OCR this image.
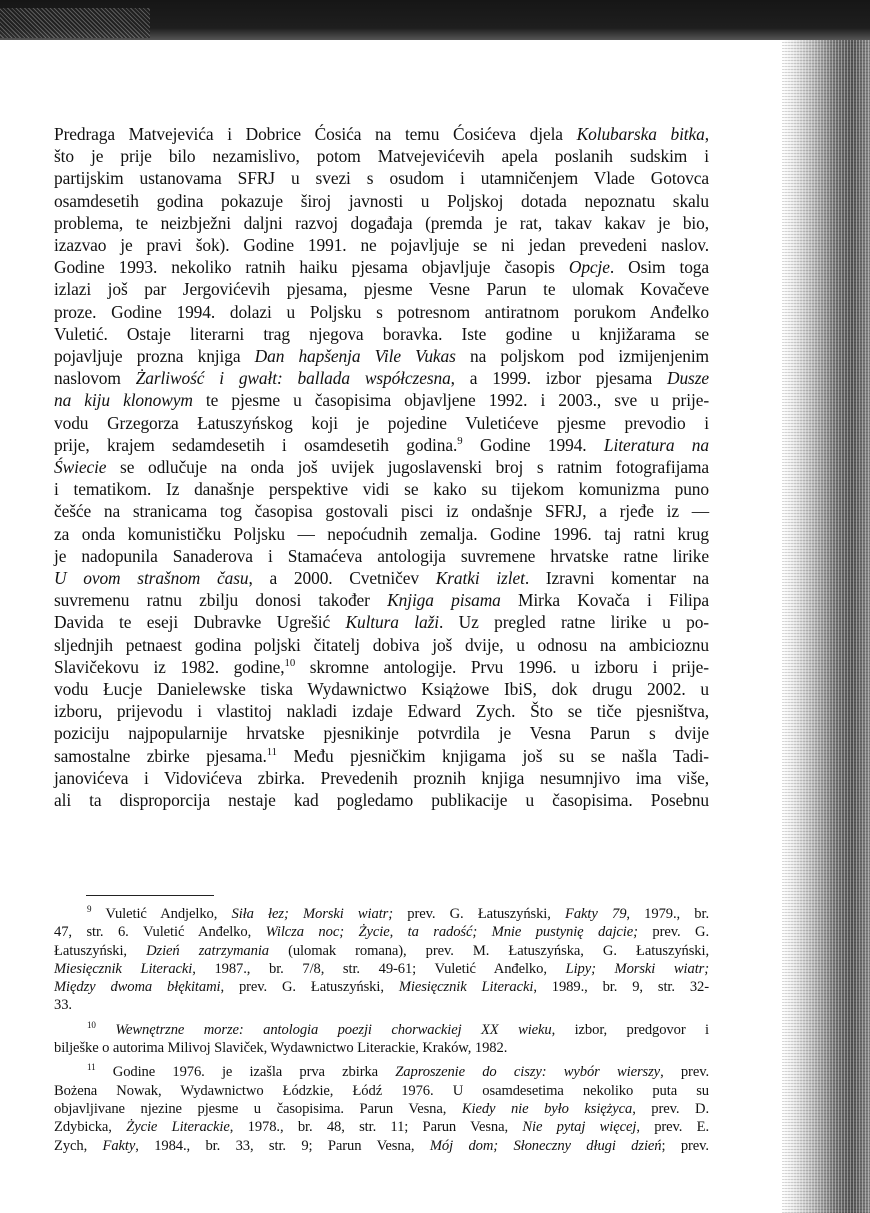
Predraga Matvejevića i Dobrice Ćosića na temu Ćosićeva djela Kolubarska bitka,
što je prije bilo nezamislivo, potom Matvejevićevih apela poslanih sudskim i
partijskim ustanovama SFRJ u svezi s osudom i utamničenjem Vlade Gotovca
osamdesetih godina pokazuje široj javnosti u Poljskoj dotada nepoznatu skalu
problema, te neizbježni daljni razvoj događaja (premda je rat, takav kakav je bio,
izazvao je pravi šok). Godine 1991. ne pojavljuje se ni jedan prevedeni naslov.
Godine 1993. nekoliko ratnih haiku pjesama objavljuje časopis Opcje. Osim toga
izlazi još par Jergovićevih pjesama, pjesme Vesne Parun te ulomak Kovačeve
proze. Godine 1994. dolazi u Poljsku s potresnom antiratnom porukom Anđelko
Vuletić. Ostaje literarni trag njegova boravka. Iste godine u knjižarama se
pojavljuje prozna knjiga Dan hapšenja Vile Vukas na poljskom pod izmijenjenim
naslovom Żarliwość i gwałt: ballada współczesna, a 1999. izbor pjesama Dusze
na kiju klonowym te pjesme u časopisima objavljene 1992. i 2003., sve u prije-
vodu Grzegorza Łatuszyńskog koji je pojedine Vuletićeve pjesme prevodio i
prije, krajem sedamdesetih i osamdesetih godina.$^9$ Godine 1994. Literatura na
Świecie se odlučuje na onda još uvijek jugoslavenski broj s ratnim fotografijama
i tematikom. Iz današnje perspektive vidi se kako su tijekom komunizma puno
češće na stranicama tog časopisa gostovali pisci iz ondašnje SFRJ, a rjeđe iz —
za onda komunističku Poljsku — nepoćudnih zemalja. Godine 1996. taj ratni krug
je nadopunila Sanaderova i Stamaćeva antologija suvremene hrvatske ratne lirike
U ovom strašnom času, a 2000. Cvetničev Kratki izlet. Izravni komentar na
suvremenu ratnu zbilju donosi također Knjiga pisama Mirka Kovača i Filipa
Davida te eseji Dubravke Ugrešić Kultura laži. Uz pregled ratne lirike u po-
sljednjih petnaest godina poljski čitatelj dobiva još dvije, u odnosu na ambicioznu
Slavičekovu iz 1982. godine,$^{10}$ skromne antologije. Prvu 1996. u izboru i prije-
vodu Łucje Danielewske tiska Wydawnictwo Książowe IbiS, dok drugu 2002. u
izboru, prijevodu i vlastitoj nakladi izdaje Edward Zych. Što se tiče pjesništva,
poziciju najpopularnije hrvatske pjesnikinje potvrdila je Vesna Parun s dvije
samostalne zbirke pjesama.$^{11}$ Među pjesničkim knjigama još su se našla Tadi-
janovićeva i Vidovićeva zbirka. Prevedenih proznih knjiga nesumnjivo ima više,
ali ta disproporcija nestaje kad pogledamo publikacije u časopisima. Posebnu
$^9$ Vuletić Andjelko, Siła łez; Morski wiatr; prev. G. Łatuszyński, Fakty 79, 1979., br.
47, str. 6. Vuletić Anđelko, Wilcza noc; Życie, ta radość; Mnie pustynię dajcie; prev. G.
Łatuszyński, Dzień zatrzymania (ulomak romana), prev. M. Łatuszyńska, G. Łatuszyński,
Miesięcznik Literacki, 1987., br. 7/8, str. 49-61; Vuletić Anđelko, Lipy; Morski wiatr;
Między dwoma błękitami, prev. G. Łatuszyński, Miesięcznik Literacki, 1989., br. 9, str. 32-
33.
$^{10}$ Wewnętrzne morze: antologia poezji chorwackiej XX wieku, izbor, predgovor i
bilješke o autorima Milivoj Slaviček, Wydawnictwo Literackie, Kraków, 1982.
$^{11}$ Godine 1976. je izašla prva zbirka Zaproszenie do ciszy: wybór wierszy, prev.
Bożena Nowak, Wydawnictwo Łódzkie, Łódź 1976. U osamdesetima nekoliko puta su
objavljivane njezine pjesme u časopisima. Parun Vesna, Kiedy nie było księżyca, prev. D.
Zdybicka, Życie Literackie, 1978., br. 48, str. 11; Parun Vesna, Nie pytaj więcej, prev. E.
Zych, Fakty, 1984., br. 33, str. 9; Parun Vesna, Mój dom; Słoneczny długi dzień; prev.
